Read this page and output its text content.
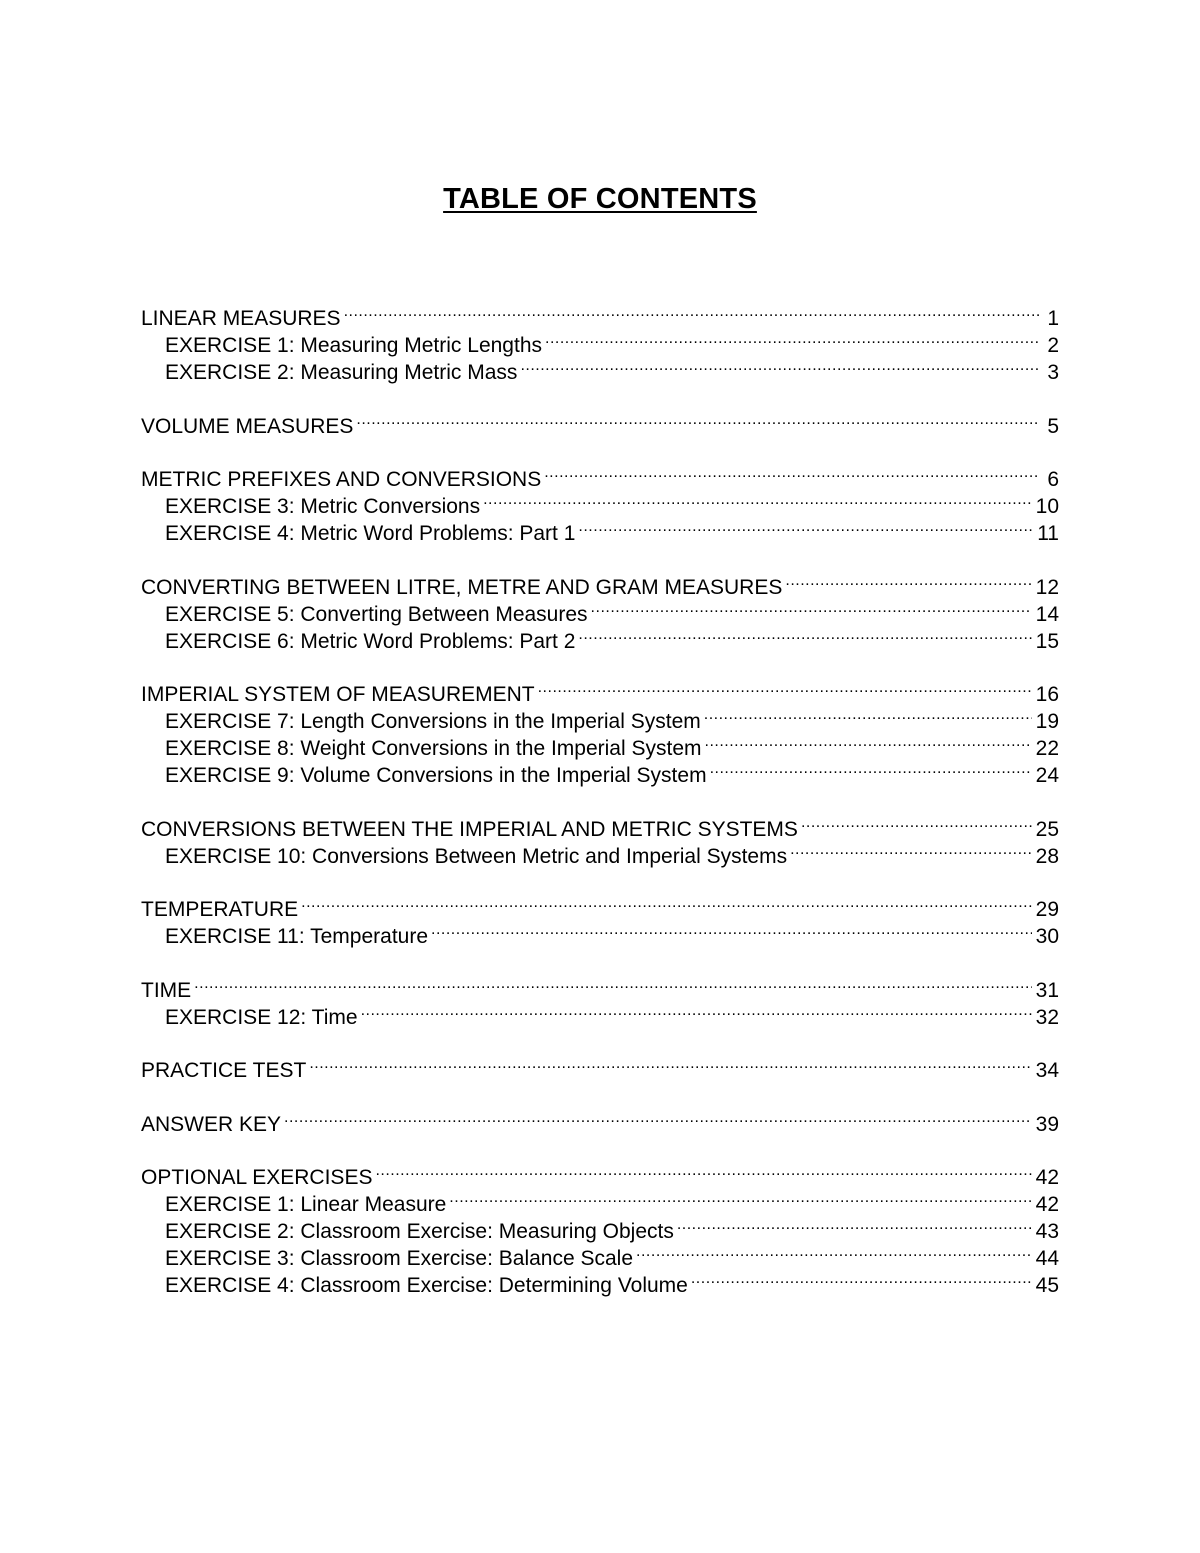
TABLE OF CONTENTS
LINEAR MEASURES .....	1
EXERCISE 1: Measuring Metric Lengths .....	2
EXERCISE 2: Measuring Metric Mass .....	3
VOLUME MEASURES .....	5
METRIC PREFIXES AND CONVERSIONS .....	6
EXERCISE 3: Metric Conversions .....	10
EXERCISE 4: Metric Word Problems: Part 1 .....	11
CONVERTING BETWEEN LITRE, METRE AND GRAM MEASURES .....	12
EXERCISE 5: Converting Between Measures .....	14
EXERCISE 6: Metric Word Problems: Part 2 .....	15
IMPERIAL SYSTEM OF MEASUREMENT .....	16
EXERCISE 7: Length Conversions in the Imperial System .....	19
EXERCISE 8: Weight Conversions in the Imperial System .....	22
EXERCISE 9: Volume Conversions in the Imperial System .....	24
CONVERSIONS BETWEEN THE IMPERIAL AND METRIC SYSTEMS .....	25
EXERCISE 10: Conversions Between Metric and Imperial Systems .....	28
TEMPERATURE .....	29
EXERCISE 11: Temperature .....	30
TIME .....	31
EXERCISE 12: Time .....	32
PRACTICE TEST .....	34
ANSWER KEY .....	39
OPTIONAL EXERCISES .....	42
EXERCISE 1: Linear Measure .....	42
EXERCISE 2: Classroom Exercise: Measuring Objects .....	43
EXERCISE 3: Classroom Exercise: Balance Scale .....	44
EXERCISE 4: Classroom Exercise: Determining Volume .....	45
